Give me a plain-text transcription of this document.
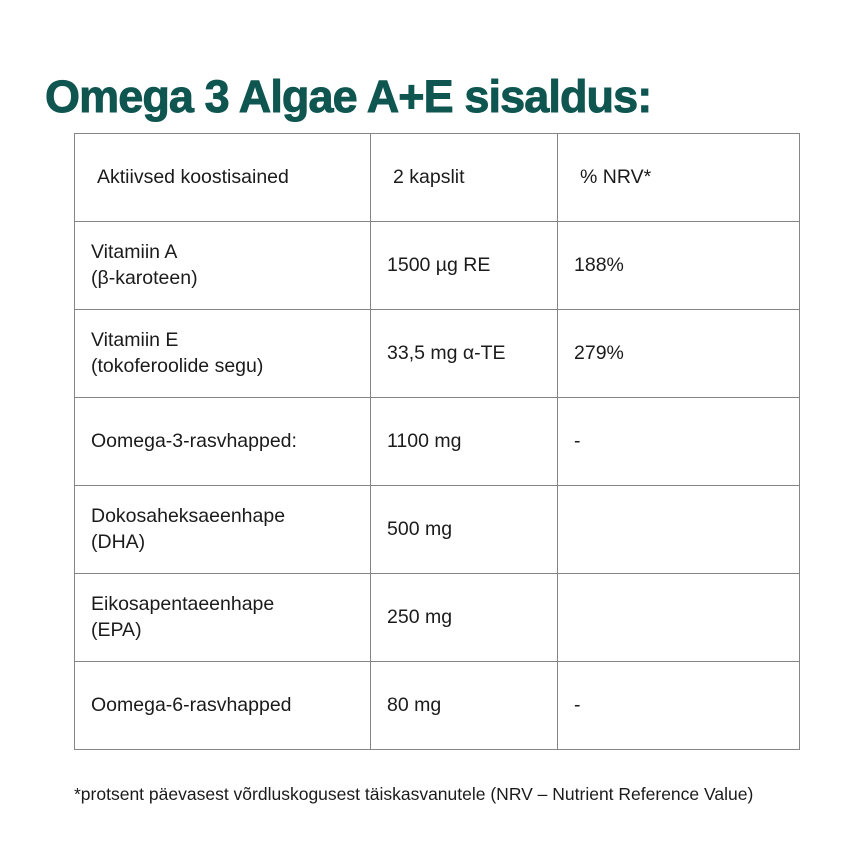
Omega 3 Algae A+E sisaldus:
Aktiivsed koostisained	2 kapslit	% NRV*

Vitamiin A
(β-karoteen)	1500 µg RE	188%

Vitamiin E
(tokoferoolide segu)	33,5 mg α-TE	279%

Oomega-3-rasvhapped:	1100 mg	-

Dokosaheksaeenhape
(DHA)	500 mg	

Eikosapentaeenhape
(EPA)	250 mg	

Oomega-6-rasvhapped	80 mg	-

*protsent päevasest võrdluskogusest täiskasvanutele (NRV – Nutrient Reference Value)
